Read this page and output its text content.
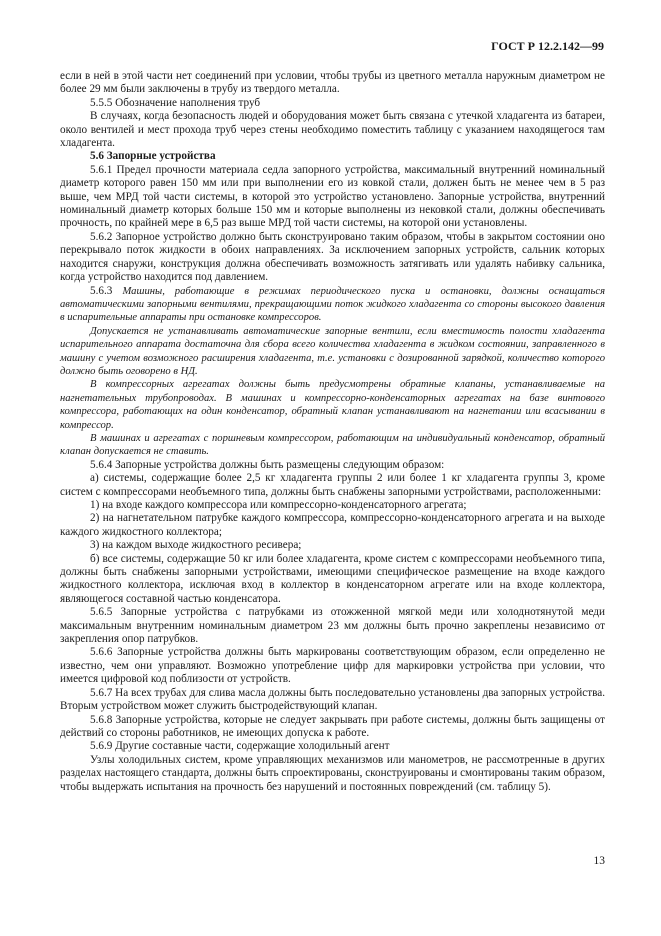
ГОСТ Р 12.2.142—99

если в ней в этой части нет соединений при условии, чтобы трубы из цветного металла наружным диаметром не более 29 мм были заключены в трубу из твердого металла.

5.5.5 Обозначение наполнения труб

В случаях, когда безопасность людей и оборудования может быть связана с утечкой хладагента из батареи, около вентилей и мест прохода труб через стены необходимо поместить таблицу с указанием находящегося там хладагента.

5.6 Запорные устройства

5.6.1 Предел прочности материала седла запорного устройства, максимальный внутренний номинальный диаметр которого равен 150 мм или при выполнении его из ковкой стали, должен быть не менее чем в 5 раз выше, чем МРД той части системы, в которой это устройство установлено. Запорные устройства, внутренний номинальный диаметр которых больше 150 мм и которые выполнены из нековкой стали, должны обеспечивать прочность, по крайней мере в 6,5 раз выше МРД той части системы, на которой они установлены.

5.6.2 Запорное устройство должно быть сконструировано таким образом, чтобы в закрытом состоянии оно перекрывало поток жидкости в обоих направлениях. За исключением запорных устройств, сальник которых находится снаружи, конструкция должна обеспечивать возможность затягивать или удалять набивку сальника, когда устройство находится под давлением.

5.6.3 Машины, работающие в режимах периодического пуска и остановки, должны оснащаться автоматическими запорными вентилями, прекращающими поток жидкого хладагента со стороны высокого давления в испарительные аппараты при остановке компрессоров.

Допускается не устанавливать автоматические запорные вентили, если вместимость полости хладагента испарительного аппарата достаточна для сбора всего количества хладагента в жидком состоянии, заправленного в машину с учетом возможного расширения хладагента, т.е. установки с дозированной зарядкой, количество которого должно быть оговорено в НД.

В компрессорных агрегатах должны быть предусмотрены обратные клапаны, устанавливаемые на нагнетательных трубопроводах. В машинах и компрессорно-конденсаторных агрегатах на базе винтового компрессора, работающих на один конденсатор, обратный клапан устанавливают на нагнетании или всасывании в компрессор.

В машинах и агрегатах с поршневым компрессором, работающим на индивидуальный конденсатор, обратный клапан допускается не ставить.

5.6.4 Запорные устройства должны быть размещены следующим образом:

а) системы, содержащие более 2,5 кг хладагента группы 2 или более 1 кг хладагента группы 3, кроме систем с компрессорами необъемного типа, должны быть снабжены запорными устройствами, расположенными:

1) на входе каждого компрессора или компрессорно-конденсаторного агрегата;

2) на нагнетательном патрубке каждого компрессора, компрессорно-конденсаторного агрегата и на выходе каждого жидкостного коллектора;

3) на каждом выходе жидкостного ресивера;

б) все системы, содержащие 50 кг или более хладагента, кроме систем с компрессорами необъемного типа, должны быть снабжены запорными устройствами, имеющими специфическое размещение на входе каждого жидкостного коллектора, исключая вход в коллектор в конденсаторном агрегате или на входе коллектора, являющегося составной частью конденсатора.

5.6.5 Запорные устройства с патрубками из отожженной мягкой меди или холоднотянутой меди максимальным внутренним номинальным диаметром 23 мм должны быть прочно закреплены независимо от закрепления опор патрубков.

5.6.6 Запорные устройства должны быть маркированы соответствующим образом, если определенно не известно, чем они управляют. Возможно употребление цифр для маркировки устройства при условии, что имеется цифровой код поблизости от устройств.

5.6.7 На всех трубах для слива масла должны быть последовательно установлены два запорных устройства. Вторым устройством может служить быстродействующий клапан.

5.6.8 Запорные устройства, которые не следует закрывать при работе системы, должны быть защищены от действий со стороны работников, не имеющих допуска к работе.

5.6.9 Другие составные части, содержащие холодильный агент

Узлы холодильных систем, кроме управляющих механизмов или манометров, не рассмотренные в других разделах настоящего стандарта, должны быть спроектированы, сконструированы и смонтированы таким образом, чтобы выдержать испытания на прочность без нарушений и постоянных повреждений (см. таблицу 5).

13
